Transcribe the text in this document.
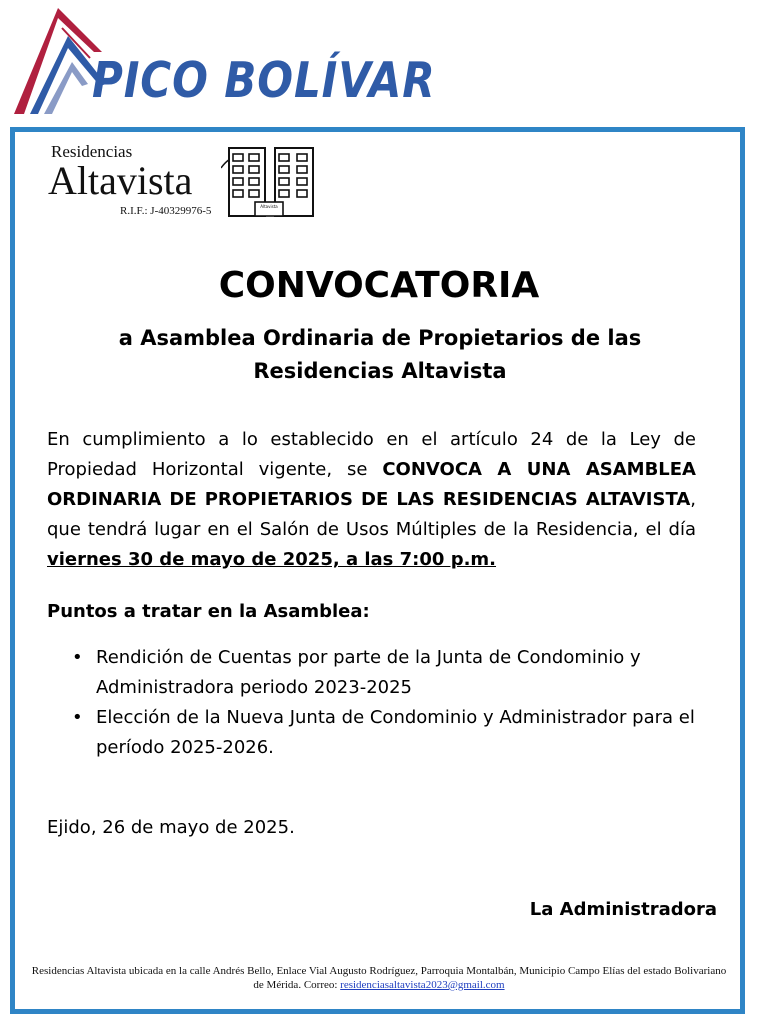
PICO BOLÍVAR
Residencias
Altavista
R.I.F.: J-40329976-5	Altavista
CONVOCATORIA
a Asamblea Ordinaria de Propietarios de las Residencias Altavista
En cumplimiento a lo establecido en el artículo 24 de la Ley de Propiedad Horizontal vigente, se CONVOCA A UNA ASAMBLEA ORDINARIA DE PROPIETARIOS DE LAS RESIDENCIAS ALTAVISTA, que tendrá lugar en el Salón de Usos Múltiples de la Residencia, el día viernes 30 de mayo de 2025, a las 7:00 p.m.
Puntos a tratar en la Asamblea:
• Rendición de Cuentas por parte de la Junta de Condominio y Administradora periodo 2023-2025
• Elección de la Nueva Junta de Condominio y Administrador para el período 2025-2026.
Ejido, 26 de mayo de 2025.
La Administradora
Residencias Altavista ubicada en la calle Andrés Bello, Enlace Vial Augusto Rodríguez, Parroquia Montalbán, Municipio Campo Elías del estado Bolivariano de Mérida. Correo: residenciasaltavista2023@gmail.com
